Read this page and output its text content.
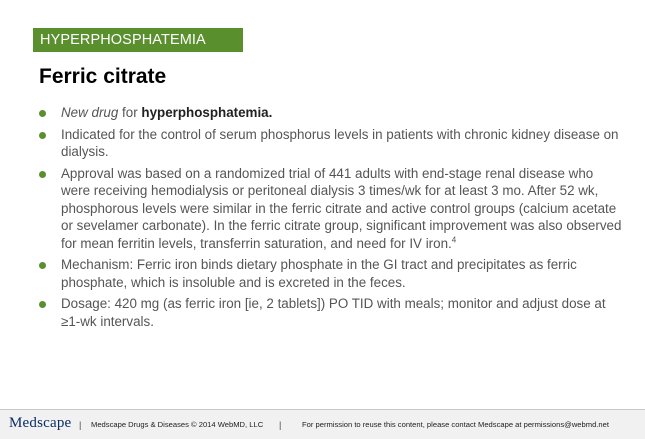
HYPERPHOSPHATEMIA
Ferric citrate
New drug for hyperphosphatemia.
Indicated for the control of serum phosphorus levels in patients with chronic kidney disease on dialysis.
Approval was based on a randomized trial of 441 adults with end-stage renal disease who were receiving hemodialysis or peritoneal dialysis 3 times/wk for at least 3 mo. After 52 wk, phosphorous levels were similar in the ferric citrate and active control groups (calcium acetate or sevelamer carbonate). In the ferric citrate group, significant improvement was also observed for mean ferritin levels, transferrin saturation, and need for IV iron.$^4$
Mechanism: Ferric iron binds dietary phosphate in the GI tract and precipitates as ferric phosphate, which is insoluble and is excreted in the feces.
Dosage: 420 mg (as ferric iron [ie, 2 tablets]) PO TID with meals; monitor and adjust dose at ≥1-wk intervals.
Medscape | Medscape Drugs & Diseases © 2014 WebMD, LLC |	For permission to reuse this content, please contact Medscape at permissions@webmd.net
